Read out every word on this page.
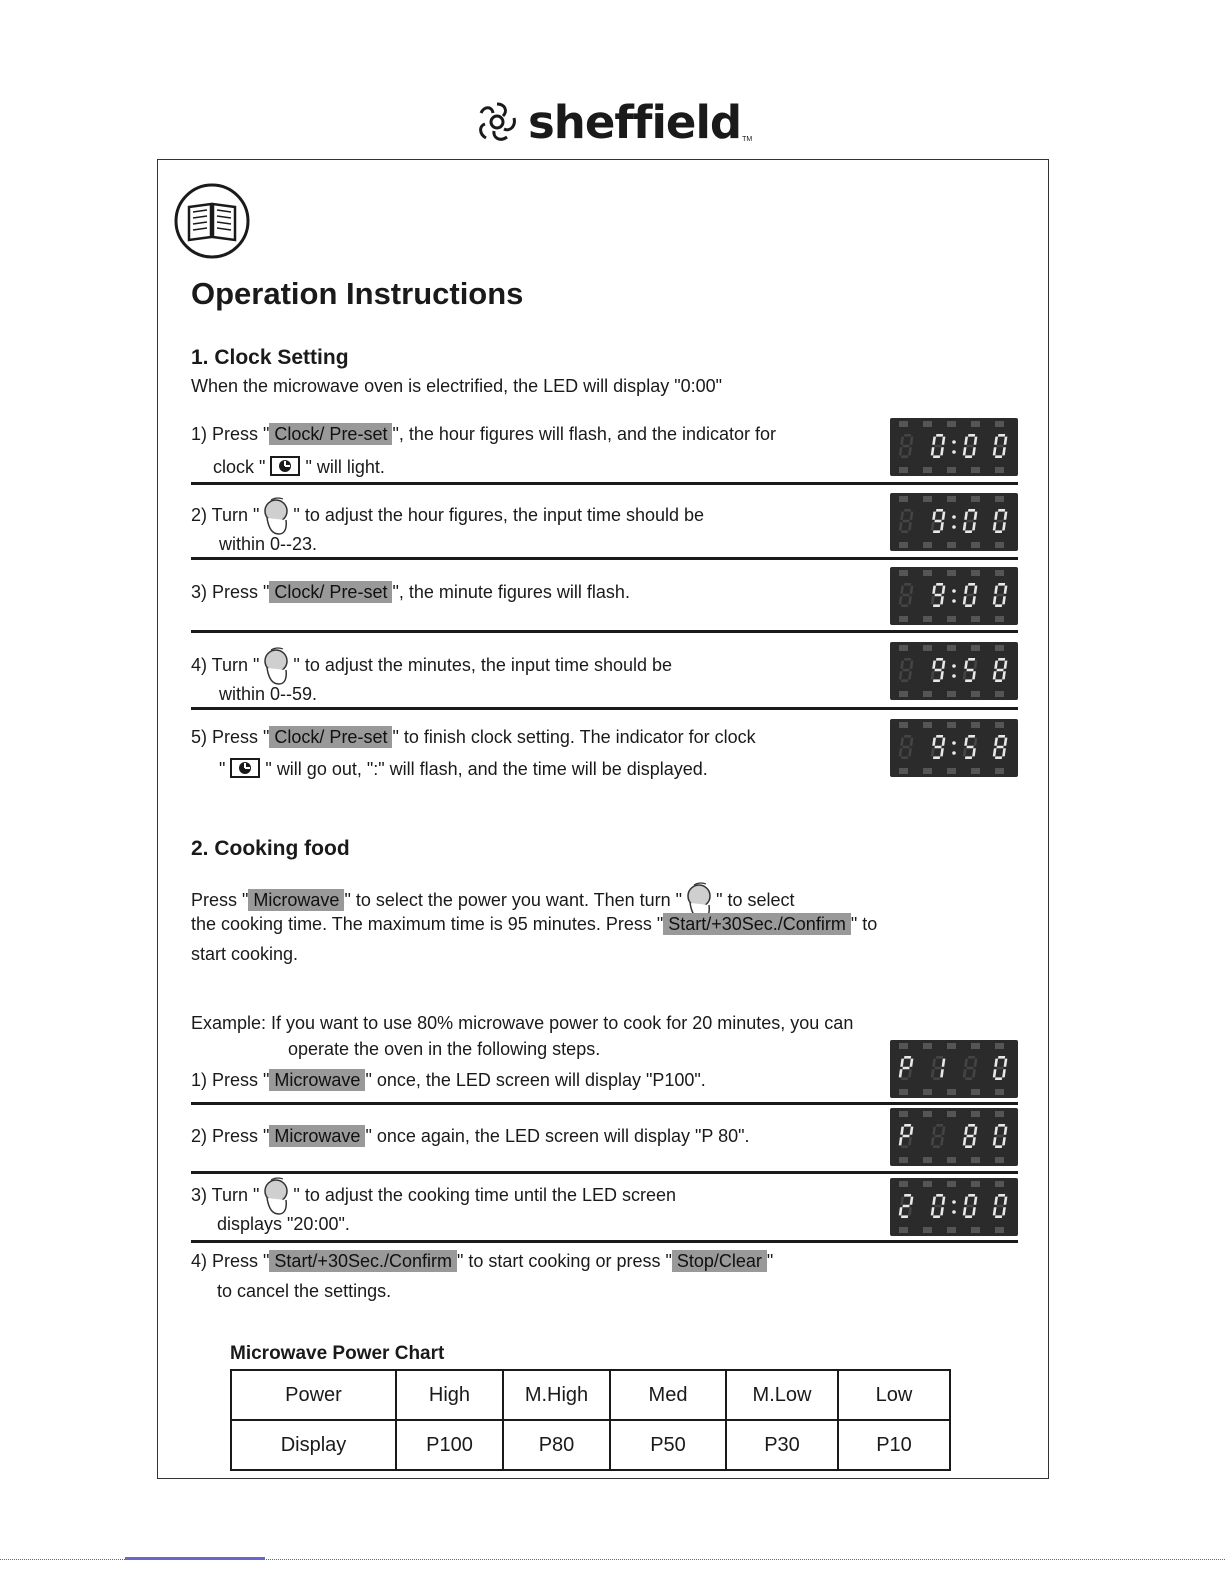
sheffield TM
Operation Instructions
1. Clock Setting
When the microwave oven is electrified, the LED will display "0:00"
1) Press " Clock/ Pre-set ", the hour figures will flash, and the indicator for
clock " " will light.
2) Turn " " to adjust the hour figures, the input time should be
within 0--23.
3) Press " Clock/ Pre-set ", the minute figures will flash.
4) Turn " " to adjust the minutes, the input time should be
within 0--59.
5) Press " Clock/ Pre-set " to finish clock setting. The indicator for clock
" " will go out, ":" will flash, and the time will be displayed.
2. Cooking food
Press " Microwave " to select the power you want. Then turn " " to select
the cooking time. The maximum time is 95 minutes. Press " Start/+30Sec./Confirm " to
start cooking.
Example: If you want to use 80% microwave power to cook for 20 minutes, you can
operate the oven in the following steps.
1) Press " Microwave " once, the LED screen will display "P100".
2) Press " Microwave " once again, the LED screen will display "P 80".
3) Turn " " to adjust the cooking time until the LED screen
displays "20:00".
4) Press " Start/+30Sec./Confirm " to start cooking or press " Stop/Clear "
to cancel the settings.
Microwave Power Chart
Power	High	M.High	Med	M.Low	Low
Display	P100	P80	P50	P30	P10
